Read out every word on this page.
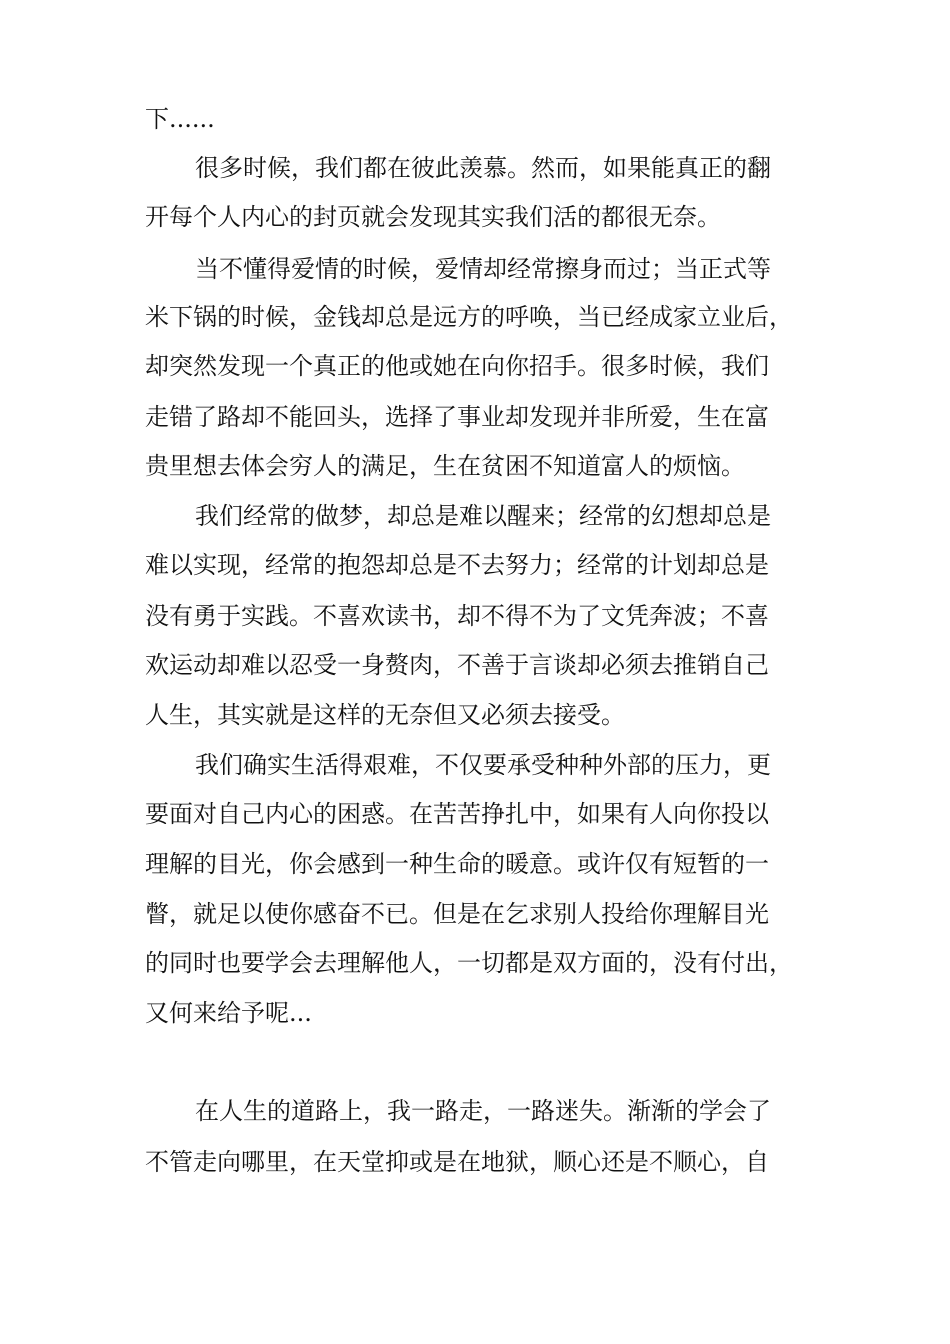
下......
很多时候，我们都在彼此羡慕。然而，如果能真正的翻
开每个人内心的封页就会发现其实我们活的都很无奈。
当不懂得爱情的时候，爱情却经常擦身而过；当正式等
米下锅的时候，金钱却总是远方的呼唤，当已经成家立业后，
却突然发现一个真正的他或她在向你招手。很多时候，我们
走错了路却不能回头，选择了事业却发现并非所爱，生在富
贵里想去体会穷人的满足，生在贫困不知道富人的烦恼。
我们经常的做梦，却总是难以醒来；经常的幻想却总是
难以实现，经常的抱怨却总是不去努力；经常的计划却总是
没有勇于实践。不喜欢读书，却不得不为了文凭奔波；不喜
欢运动却难以忍受一身赘肉，不善于言谈却必须去推销自己
人生，其实就是这样的无奈但又必须去接受。
我们确实生活得艰难，不仅要承受种种外部的压力，更
要面对自己内心的困惑。在苦苦挣扎中，如果有人向你投以
理解的目光，你会感到一种生命的暖意。或许仅有短暂的一
瞥，就足以使你感奋不已。但是在乞求别人投给你理解目光
的同时也要学会去理解他人，一切都是双方面的，没有付出，
又何来给予呢...
在人生的道路上，我一路走，一路迷失。渐渐的学会了
不管走向哪里，在天堂抑或是在地狱，顺心还是不顺心，自
